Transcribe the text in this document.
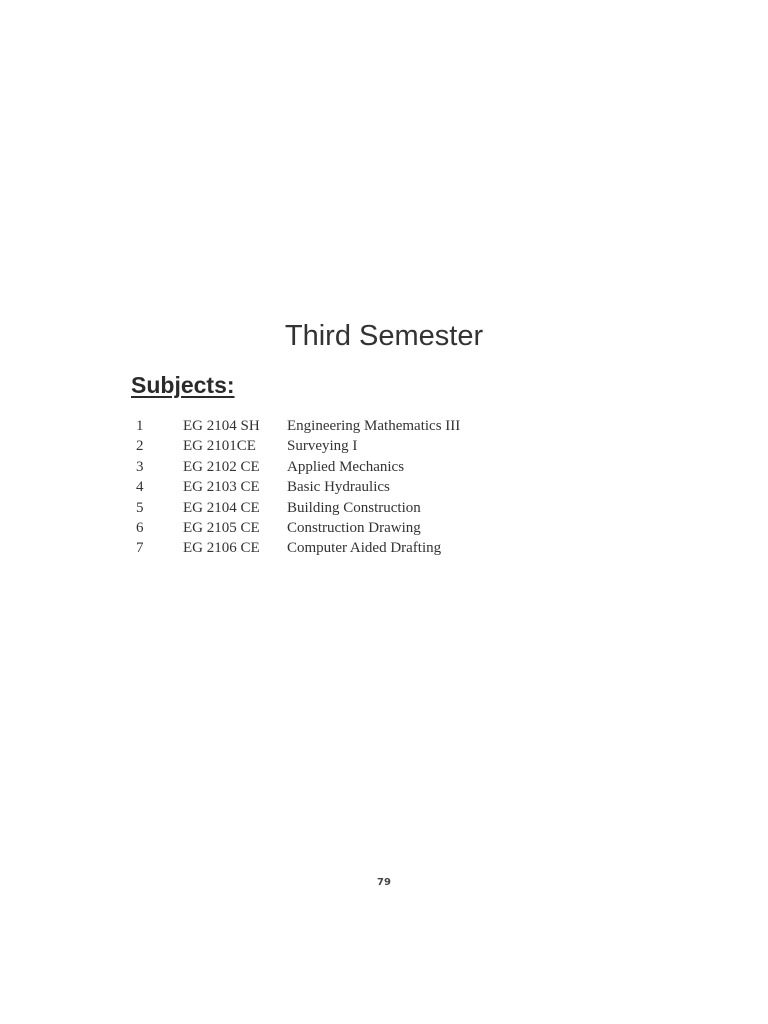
Third Semester
Subjects:
1	EG 2104 SH	Engineering Mathematics III
2	EG 2101CE	Surveying I
3	EG 2102 CE	Applied Mechanics
4	EG 2103 CE	Basic Hydraulics
5	EG 2104 CE	Building Construction
6	EG 2105 CE	Construction Drawing
7	EG 2106 CE	Computer Aided Drafting
79
